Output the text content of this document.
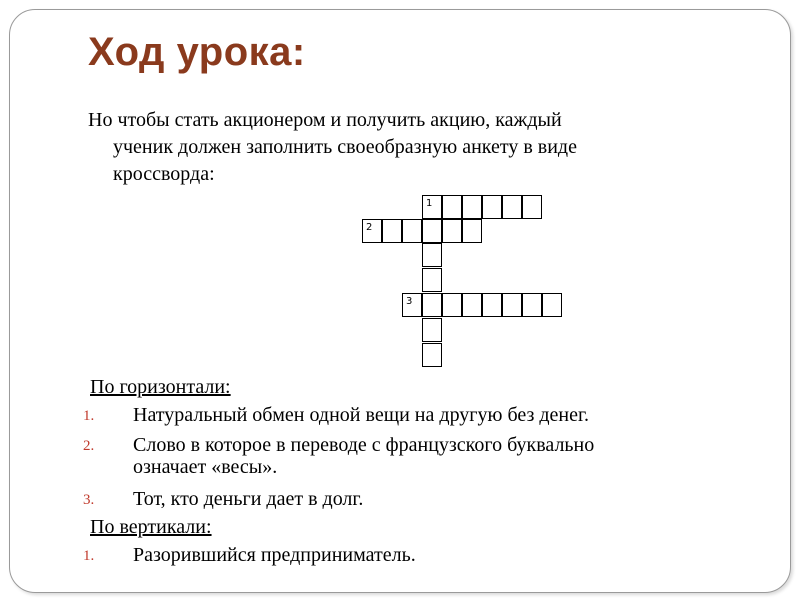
Ход урока:
Но чтобы стать акционером и получить акцию, каждый
ученик должен заполнить своеобразную анкету в виде
кроссворда:
1
2
3
По горизонтали:
1. Натуральный обмен одной вещи на другую без денег.
2. Слово в которое в переводе с французского буквально
означает «весы».
3. Тот, кто деньги дает в долг.
По вертикали:
1. Разорившийся предприниматель.
